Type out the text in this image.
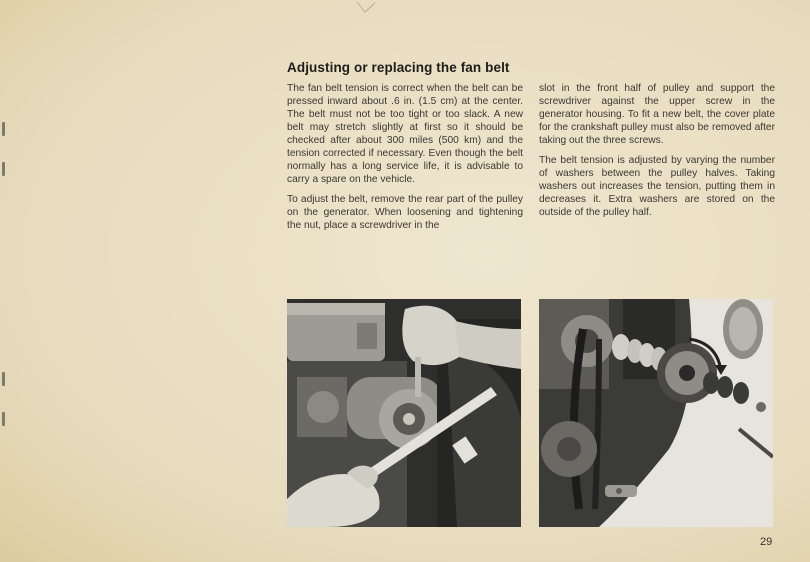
Adjusting or replacing the fan belt

The fan belt tension is correct when the belt can be pressed inward about .6 in. (1.5 cm) at the center. The belt must not be too tight or too slack. A new belt may stretch slightly at first so it should be checked after about 300 miles (500 km) and the tension corrected if necessary. Even though the belt normally has a long service life, it is advisable to carry a spare on the vehicle.

To adjust the belt, remove the rear part of the pulley on the generator. When loosening and tightening the nut, place a screwdriver in the

slot in the front half of pulley and support the screwdriver against the upper screw in the generator housing. To fit a new belt, the cover plate for the crankshaft pulley must also be removed after taking out the three screws.

The belt tension is adjusted by varying the number of washers between the pulley halves. Taking washers out increases the tension, putting them in decreases it. Extra washers are stored on the outside of the pulley half.

29
